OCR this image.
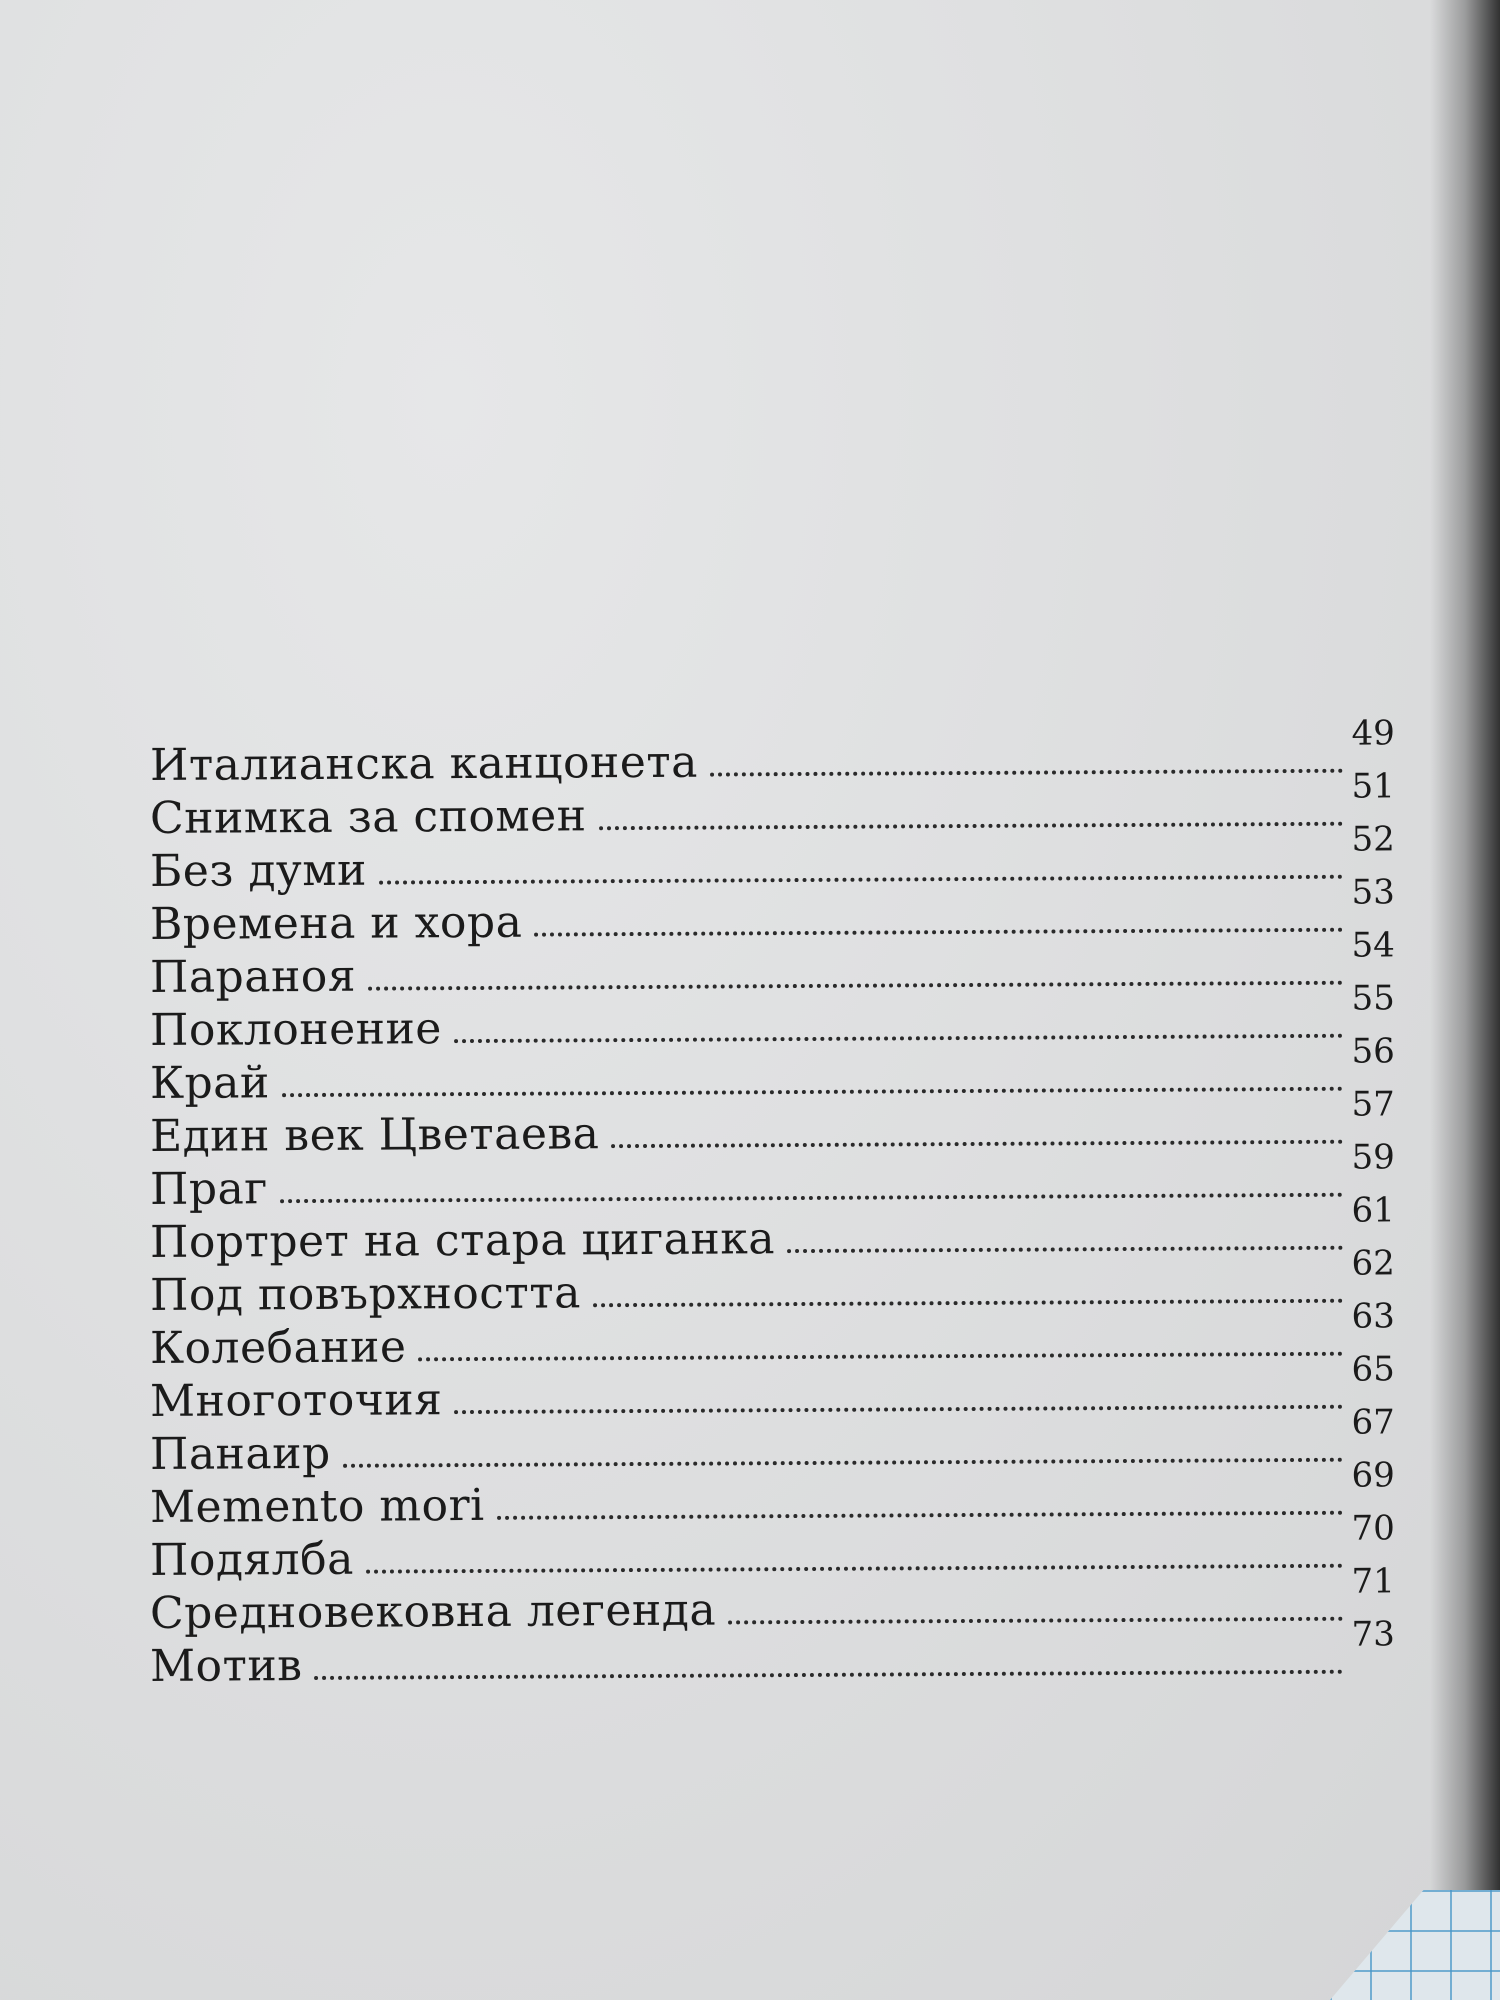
Италианска канцонета
49
Снимка за спомен
51
Без думи
52
Времена и хора
53
Параноя
54
Поклонение
55
Край
56
Един век Цветаева
57
Праг
59
Портрет на стара циганка
61
Под повърхността
62
Колебание
63
Многоточия
65
Панаир
67
Memento mori
69
Подялба
70
Средновековна легенда
71
Мотив
73
